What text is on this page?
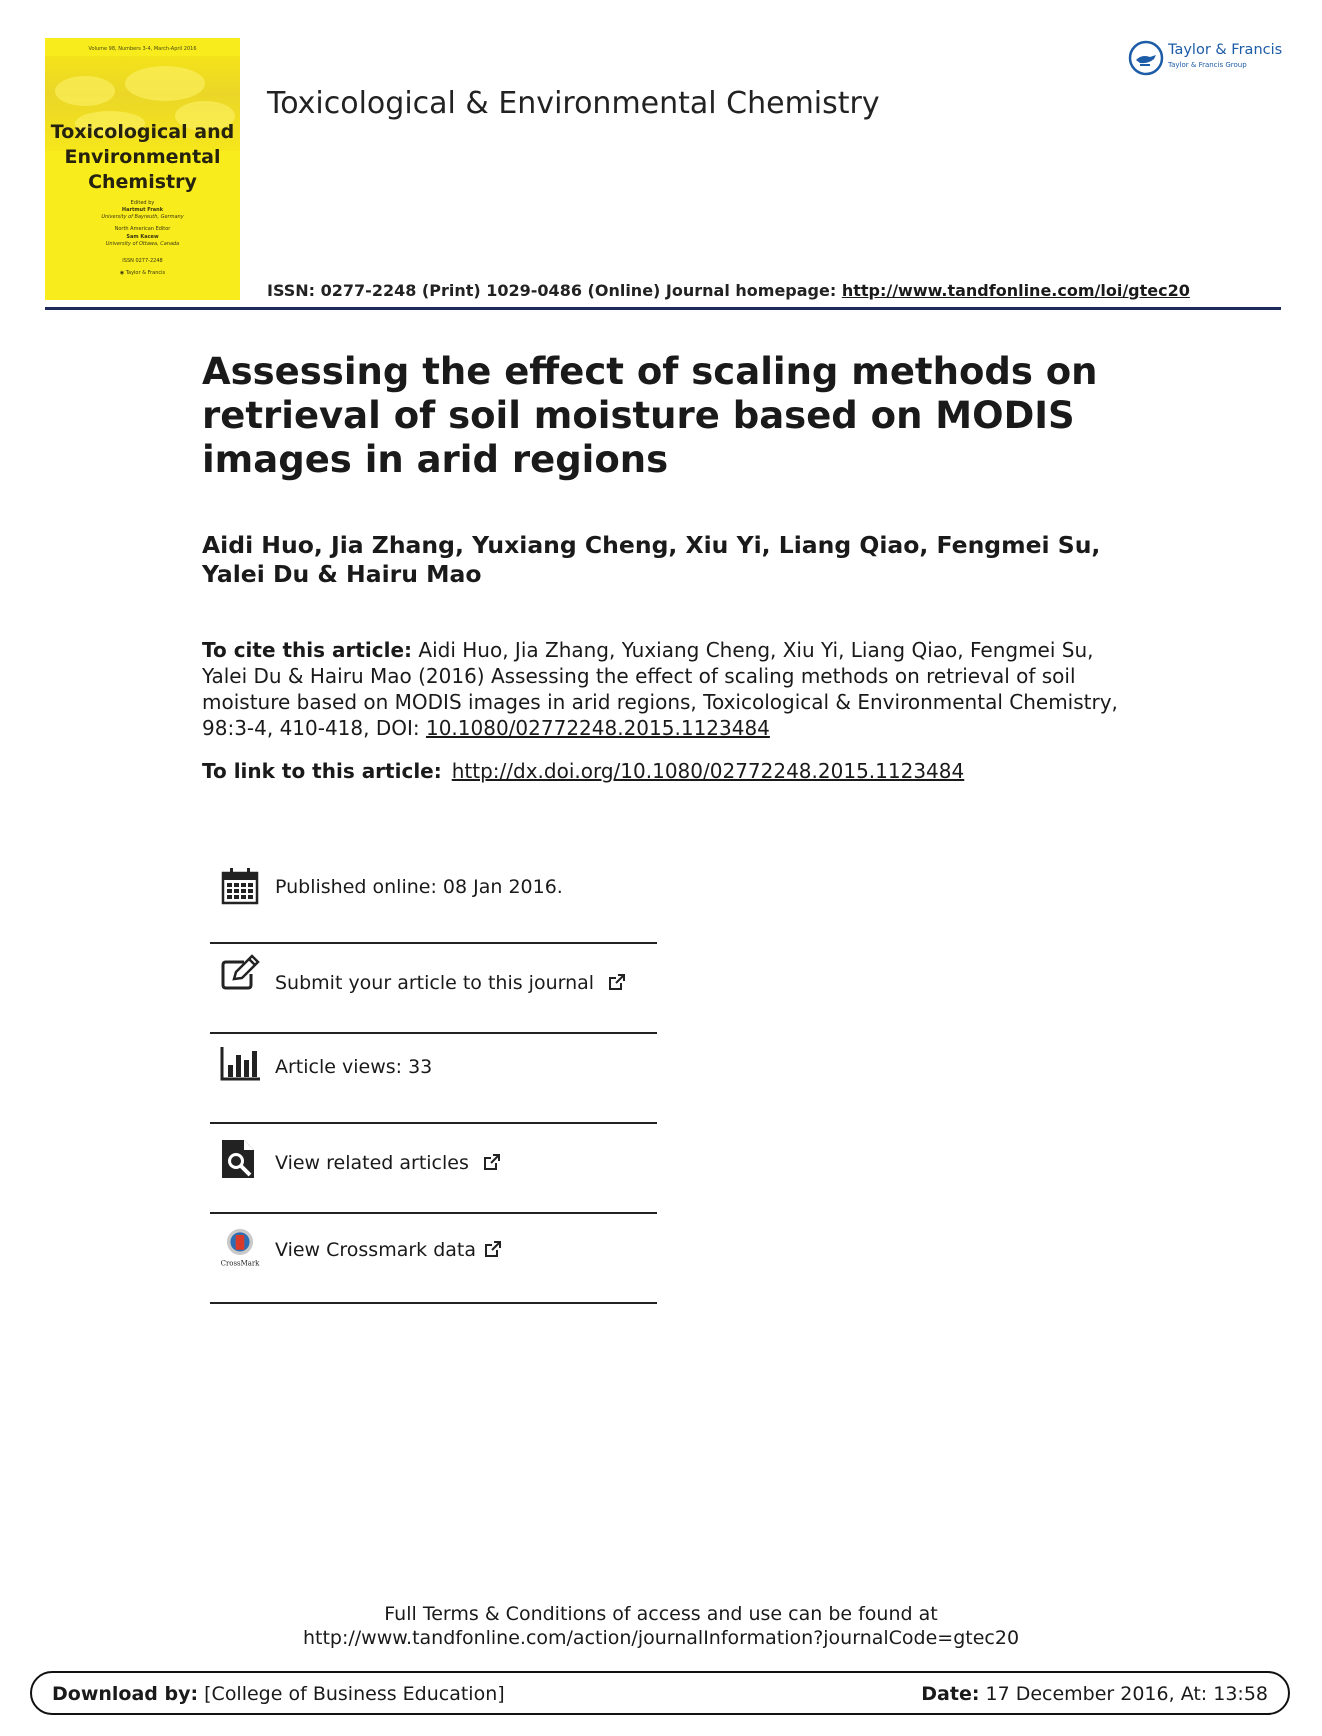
Volume 98, Numbers 3-4, March-April 2016
Toxicological and
Environmental
Chemistry
Edited by
Hartmut Frank
University of Bayreuth, Germany
North American Editor
Sam Kacew
University of Ottawa, Canada
ISSN 0277-2248
◉ Taylor & Francis
Taylor & Francis
Taylor & Francis Group
Toxicological & Environmental Chemistry
ISSN: 0277-2248 (Print) 1029-0486 (Online) Journal homepage: http://www.tandfonline.com/loi/gtec20
Assessing the effect of scaling methods on retrieval of soil moisture based on MODIS images in arid regions
Aidi Huo, Jia Zhang, Yuxiang Cheng, Xiu Yi, Liang Qiao, Fengmei Su, Yalei Du & Hairu Mao
To cite this article: Aidi Huo, Jia Zhang, Yuxiang Cheng, Xiu Yi, Liang Qiao, Fengmei Su, Yalei Du & Hairu Mao (2016) Assessing the effect of scaling methods on retrieval of soil moisture based on MODIS images in arid regions, Toxicological & Environmental Chemistry, 98:3-4, 410-418, DOI: 10.1080/02772248.2015.1123484
To link to this article: http://dx.doi.org/10.1080/02772248.2015.1123484
Published online: 08 Jan 2016.
Submit your article to this journal
Article views: 33
View related articles
CrossMark
View Crossmark data
Full Terms & Conditions of access and use can be found at
http://www.tandfonline.com/action/journalInformation?journalCode=gtec20
Download by: [College of Business Education]	Date: 17 December 2016, At: 13:58
